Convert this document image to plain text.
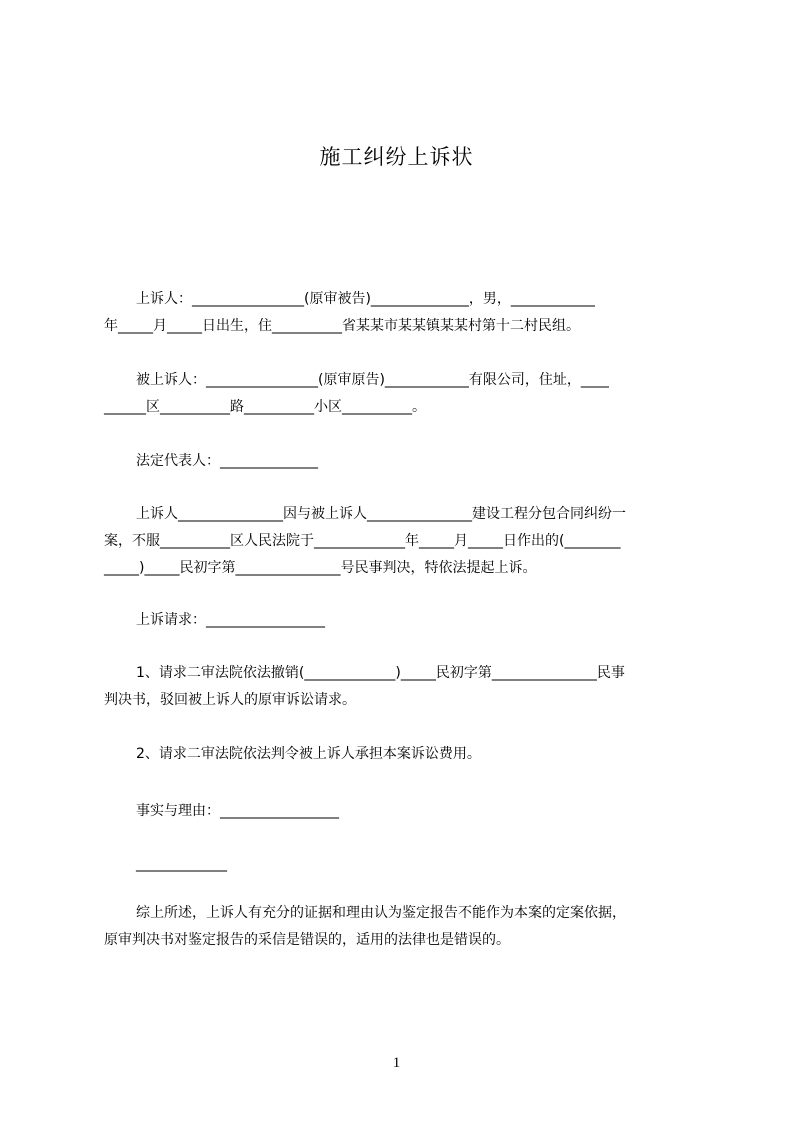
施工纠纷上诉状
上诉人：________________(原审被告)______________，男，____________
年_____月_____日出生，住__________省某某市某某镇某某村第十二村民组。
被上诉人：________________(原审原告)____________有限公司，住址，____
______区__________路__________小区__________。
法定代表人：______________
上诉人_______________因与被上诉人_______________建设工程分包合同纠纷一
案，不服__________区人民法院于_____________年_____月_____日作出的(________
_____)_____民初字第_______________号民事判决，特依法提起上诉。
上诉请求：_________________
1、请求二审法院依法撤销(_____________)_____民初字第_______________民事
判决书，驳回被上诉人的原审诉讼请求。
2、请求二审法院依法判令被上诉人承担本案诉讼费用。
事实与理由：_________________
_____________
综上所述，上诉人有充分的证据和理由认为鉴定报告不能作为本案的定案依据，
原审判决书对鉴定报告的采信是错误的，适用的法律也是错误的。
1
